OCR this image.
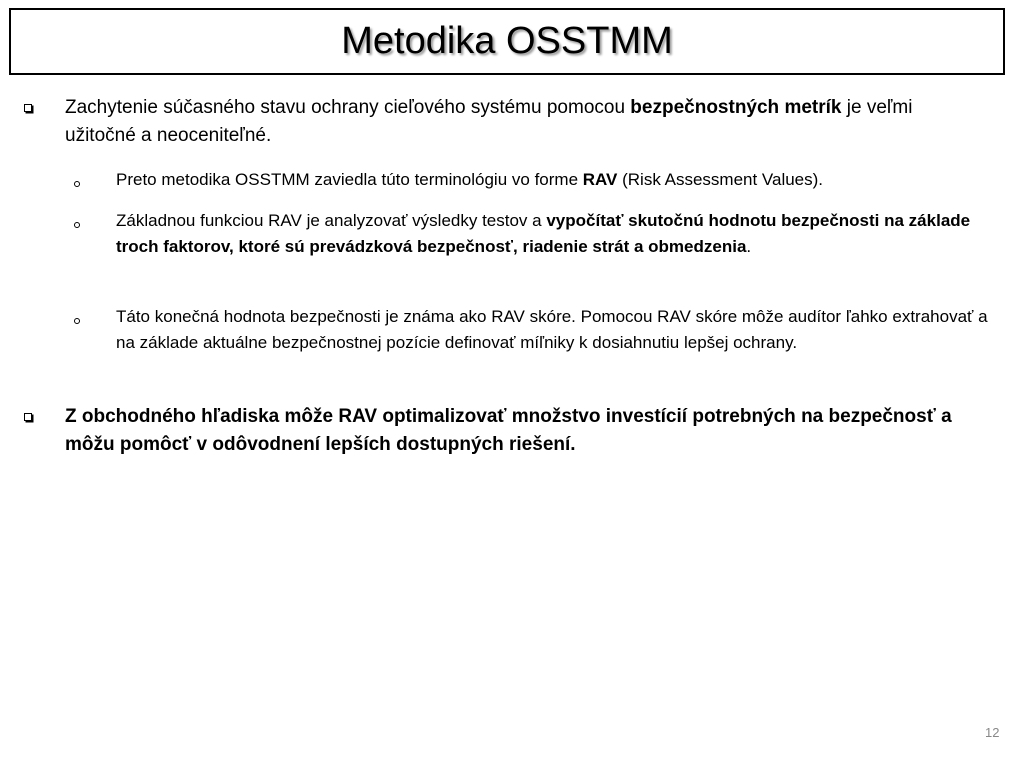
Metodika OSSTMM
Zachytenie súčasného stavu ochrany cieľového systému pomocou bezpečnostných metrík je veľmi užitočné a neoceniteľné.
Preto metodika OSSTMM zaviedla túto terminológiu vo forme RAV (Risk Assessment Values).
Základnou funkciou RAV je analyzovať výsledky testov a vypočítať skutočnú hodnotu bezpečnosti na základe troch faktorov, ktoré sú prevádzková bezpečnosť, riadenie strát a obmedzenia.
Táto konečná hodnota bezpečnosti je známa ako RAV skóre. Pomocou RAV skóre môže audítor ľahko extrahovať a na základe aktuálne bezpečnostnej pozície definovať míľniky k dosiahnutiu lepšej ochrany.
Z obchodného hľadiska môže RAV optimalizovať množstvo investícií potrebných na bezpečnosť a môžu pomôcť v odôvodnení lepších dostupných riešení.
12
